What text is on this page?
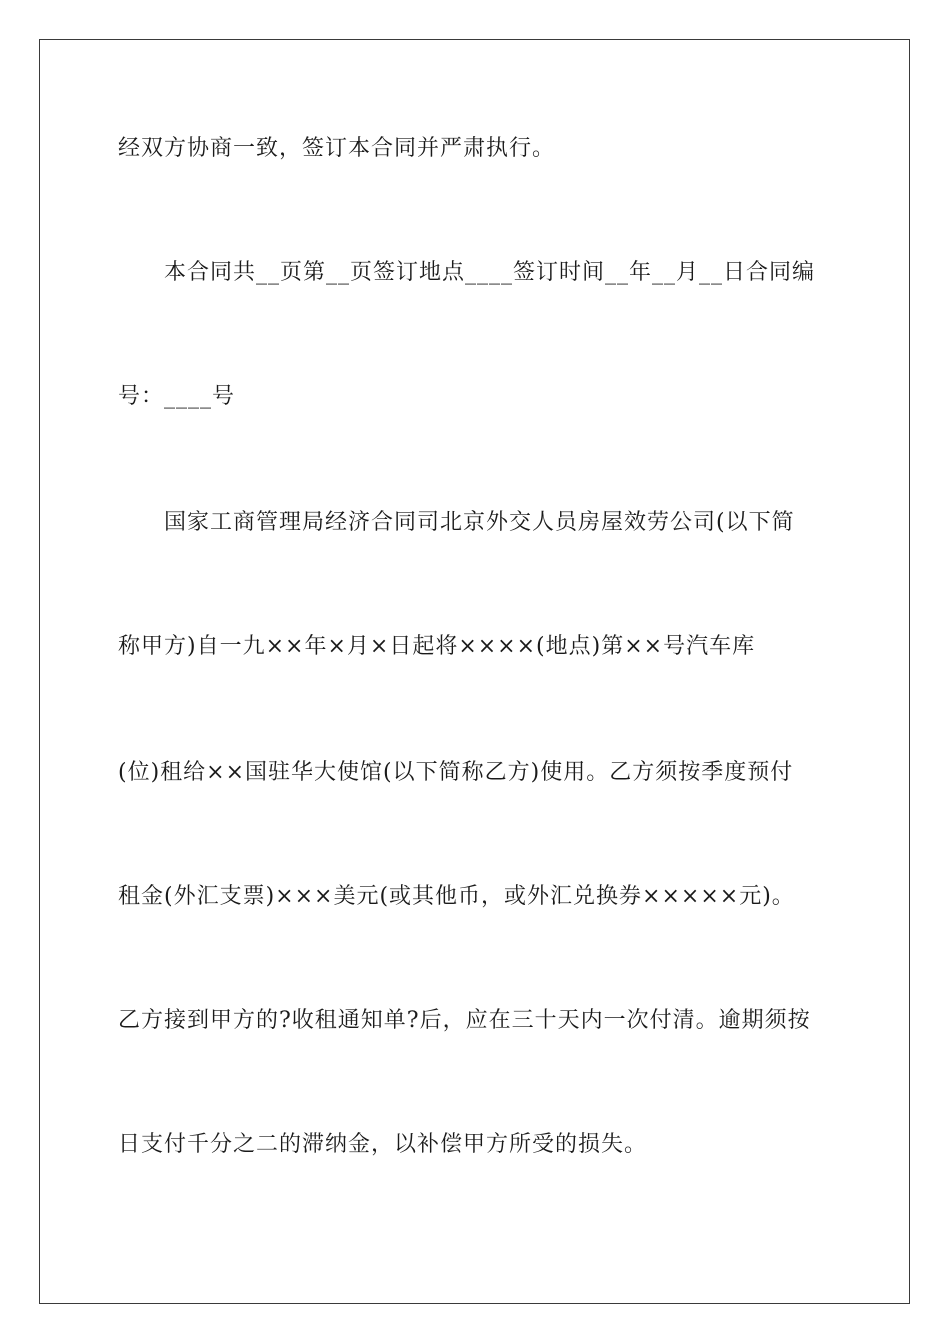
经双方协商一致，签订本合同并严肃执行。

本合同共__页第__页签订地点____签订时间__年__月__日合同编

号：____号

国家工商管理局经济合同司北京外交人员房屋效劳公司(以下简

称甲方)自一九××年×月×日起将××××(地点)第××号汽车库

(位)租给××国驻华大使馆(以下简称乙方)使用。乙方须按季度预付

租金(外汇支票)×××美元(或其他币，或外汇兑换券×××××元)。

乙方接到甲方的?收租通知单?后，应在三十天内一次付清。逾期须按

日支付千分之二的滞纳金，以补偿甲方所受的损失。
